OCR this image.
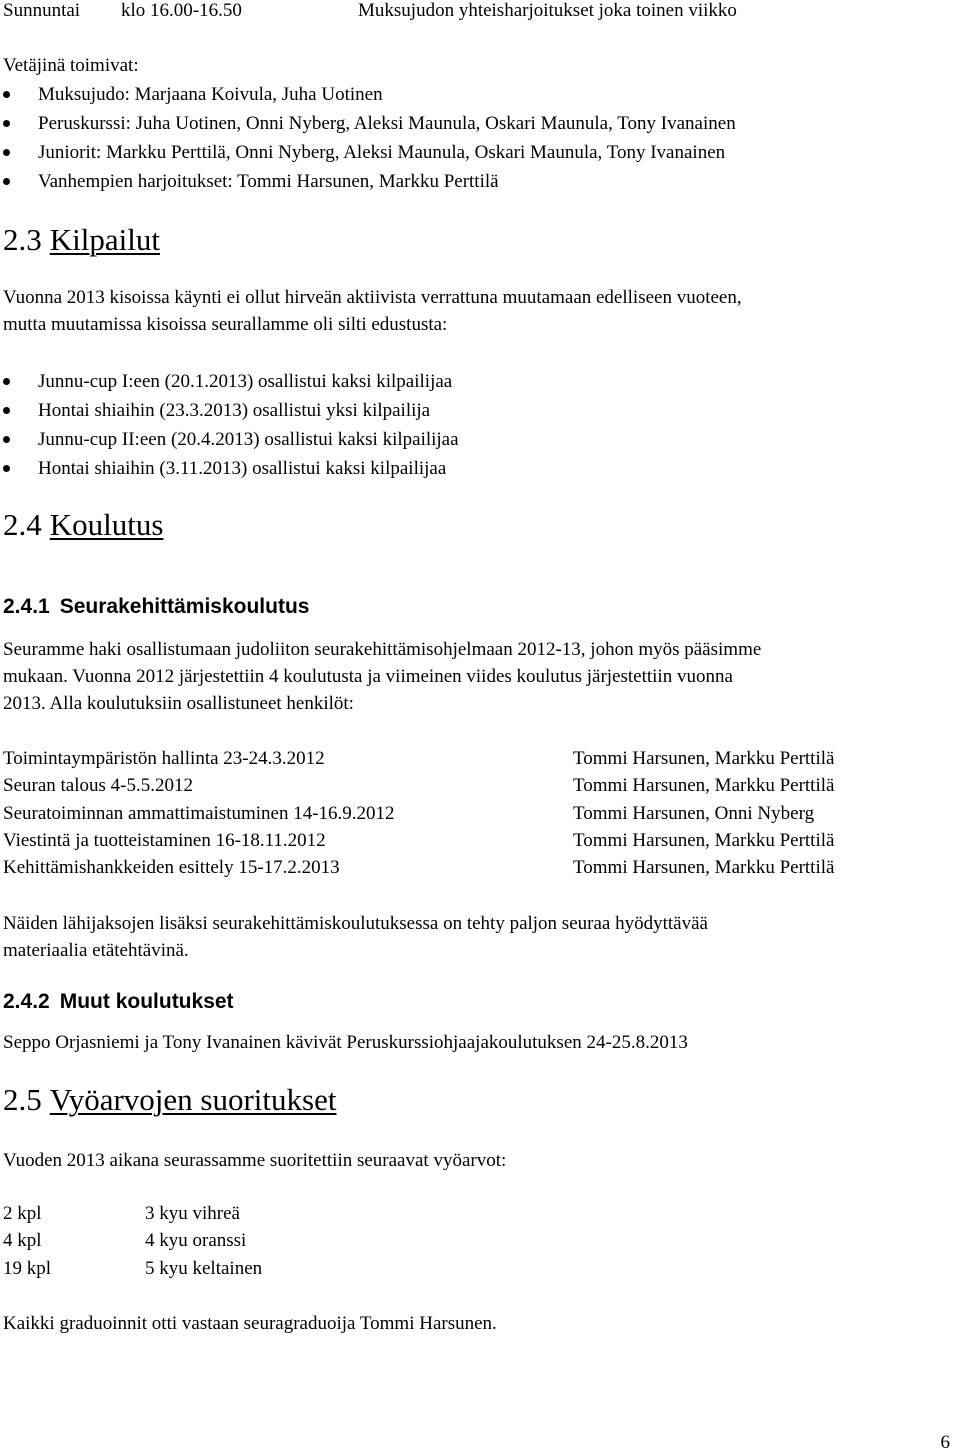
Sunnuntai klo 16.00-16.50	Muksujudon yhteisharjoitukset joka toinen viikko
Vetäjinä toimivat:
Muksujudo: Marjaana Koivula, Juha Uotinen
Peruskurssi: Juha Uotinen, Onni Nyberg, Aleksi Maunula, Oskari Maunula, Tony Ivanainen
Juniorit: Markku Perttilä, Onni Nyberg, Aleksi Maunula, Oskari Maunula, Tony Ivanainen
Vanhempien harjoitukset: Tommi Harsunen, Markku Perttilä
2.3 Kilpailut
Vuonna 2013 kisoissa käynti ei ollut hirveän aktiivista verrattuna muutamaan edelliseen vuoteen,
mutta muutamissa kisoissa seurallamme oli silti edustusta:
Junnu-cup I:een (20.1.2013) osallistui kaksi kilpailijaa
Hontai shiaihin (23.3.2013) osallistui yksi kilpailija
Junnu-cup II:een (20.4.2013) osallistui kaksi kilpailijaa
Hontai shiaihin (3.11.2013) osallistui kaksi kilpailijaa
2.4 Koulutus
2.4.1 Seurakehittämiskoulutus
Seuramme haki osallistumaan judoliiton seurakehittämisohjelmaan 2012-13, johon myös pääsimme
mukaan. Vuonna 2012 järjestettiin 4 koulutusta ja viimeinen viides koulutus järjestettiin vuonna
2013. Alla koulutuksiin osallistuneet henkilöt:
Toimintaympäristön hallinta 23-24.3.2012	Tommi Harsunen, Markku Perttilä
Seuran talous 4-5.5.2012	Tommi Harsunen, Markku Perttilä
Seuratoiminnan ammattimaistuminen 14-16.9.2012	Tommi Harsunen, Onni Nyberg
Viestintä ja tuotteistaminen 16-18.11.2012	Tommi Harsunen, Markku Perttilä
Kehittämishankkeiden esittely 15-17.2.2013	Tommi Harsunen, Markku Perttilä
Näiden lähijaksojen lisäksi seurakehittämiskoulutuksessa on tehty paljon seuraa hyödyttävää
materiaalia etätehtävinä.
2.4.2 Muut koulutukset
Seppo Orjasniemi ja Tony Ivanainen kävivät Peruskurssiohjaajakoulutuksen 24-25.8.2013
2.5 Vyöarvojen suoritukset
Vuoden 2013 aikana seurassamme suoritettiin seuraavat vyöarvot:
2 kpl	3 kyu vihreä
4 kpl	4 kyu oranssi
19 kpl	5 kyu keltainen
Kaikki graduoinnit otti vastaan seuragraduoija Tommi Harsunen.
6
